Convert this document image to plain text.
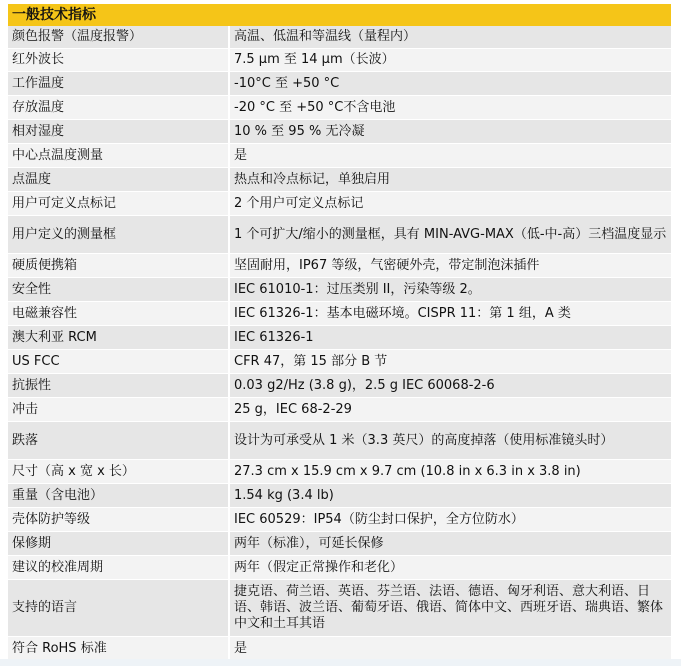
一般技术指标
颜色报警（温度报警）	高温、低温和等温线（量程内）
红外波长	7.5 μm 至 14 μm（长波）
工作温度	-10°C 至 +50 °C
存放温度	-20 °C 至 +50 °C不含电池
相对湿度	10 % 至 95 % 无冷凝
中心点温度测量	是
点温度	热点和冷点标记，单独启用
用户可定义点标记	2 个用户可定义点标记
用户定义的测量框	1 个可扩大/缩小的测量框，具有 MIN-AVG-MAX（低-中-高）三档温度显示
硬质便携箱	坚固耐用，IP67 等级，气密硬外壳，带定制泡沫插件
安全性	IEC 61010-1：过压类别 II，污染等级 2。
电磁兼容性	IEC 61326-1：基本电磁环境。CISPR 11：第 1 组，A 类
澳大利亚 RCM	IEC 61326-1
US FCC	CFR 47，第 15 部分 B 节
抗振性	0.03 g2/Hz (3.8 g)，2.5 g IEC 60068-2-6
冲击	25 g，IEC 68-2-29
跌落	设计为可承受从 1 米（3.3 英尺）的高度掉落（使用标准镜头时）
尺寸（高 x 宽 x 长）	27.3 cm x 15.9 cm x 9.7 cm (10.8 in x 6.3 in x 3.8 in)
重量（含电池）	1.54 kg (3.4 lb)
壳体防护等级	IEC 60529：IP54（防尘封口保护，全方位防水）
保修期	两年（标准），可延长保修
建议的校准周期	两年（假定正常操作和老化）
支持的语言	捷克语、荷兰语、英语、芬兰语、法语、德语、匈牙利语、意大利语、日语、韩语、波兰语、葡萄牙语、俄语、简体中文、西班牙语、瑞典语、繁体中文和土耳其语
符合 RoHS 标准	是
